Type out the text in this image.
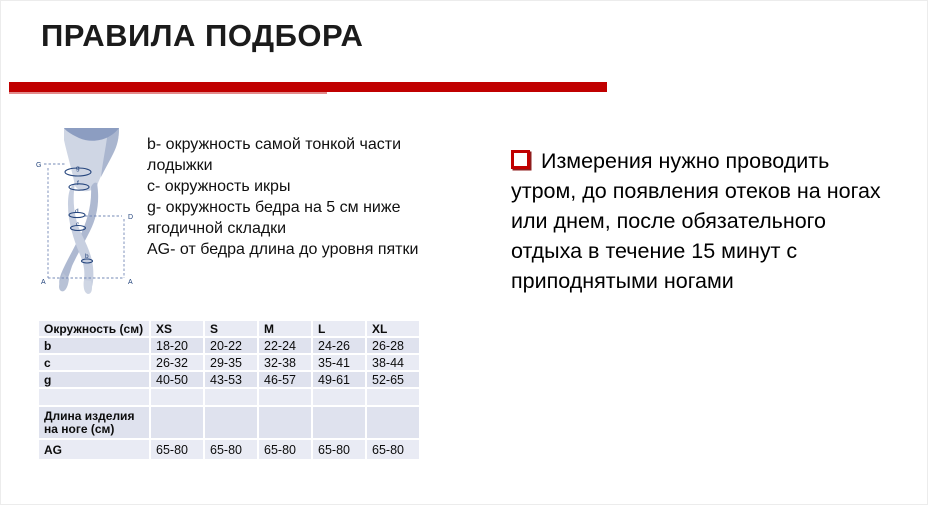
ПРАВИЛА ПОДБОРА
G
D
A	A
g
f
d
c
b
b- окружность самой тонкой части лодыжки
c- окружность икры
g- окружность бедра на 5 см ниже ягодичной складки
AG- от бедра длина до уровня пятки

Измерения нужно проводить утром, до появления отеков на ногах или днем, после обязательного отдыха в течение 15 минут с приподнятыми ногами

Окружность (см)	XS	S	M	L	XL
b	18-20	20-22	22-24	24-26	26-28
c	26-32	29-35	32-38	35-41	38-44
g	40-50	43-53	46-57	49-61	52-65

Длина изделия на ноге (см)					
AG	65-80	65-80	65-80	65-80	65-80
